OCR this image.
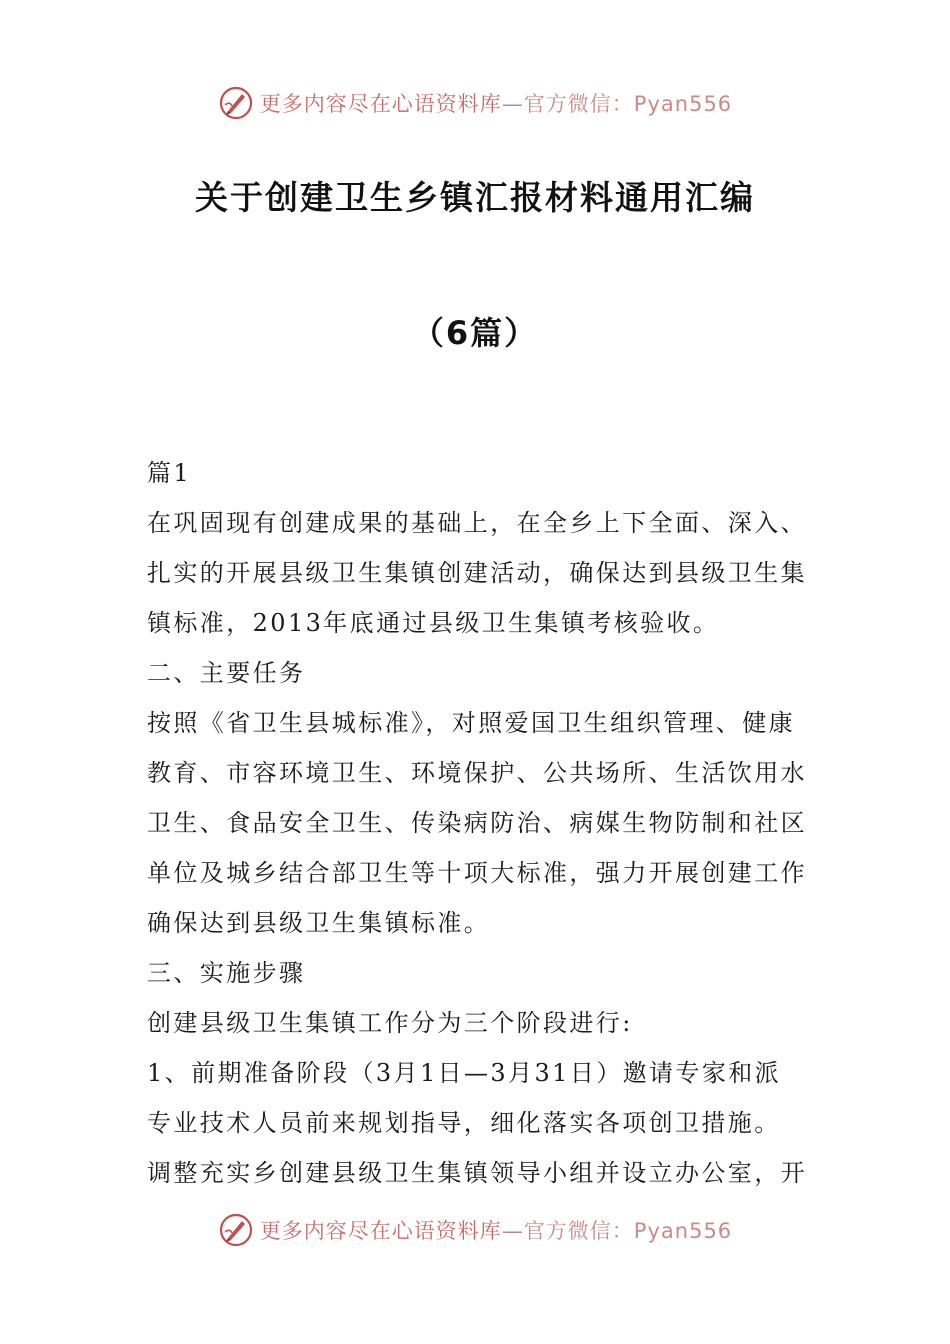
更多内容尽在心语资料库—官方微信：Pyan556
关于创建卫生乡镇汇报材料通用汇编
（6篇）

篇1

在巩固现有创建成果的基础上，在全乡上下全面、深入、扎实的开展县级卫生集镇创建活动，确保达到县级卫生集镇标准，2013年底通过县级卫生集镇考核验收。

二、主要任务

按照《省卫生县城标准》，对照爱国卫生组织管理、健康教育、市容环境卫生、环境保护、公共场所、生活饮用水卫生、食品安全卫生、传染病防治、病媒生物防制和社区单位及城乡结合部卫生等十项大标准，强力开展创建工作确保达到县级卫生集镇标准。

三、实施步骤

创建县级卫生集镇工作分为三个阶段进行:

1、前期准备阶段（3月1日—3月31日）邀请专家和派专业技术人员前来规划指导，细化落实各项创卫措施。

调整充实乡创建县级卫生集镇领导小组并设立办公室，开

更多内容尽在心语资料库—官方微信：Pyan556
